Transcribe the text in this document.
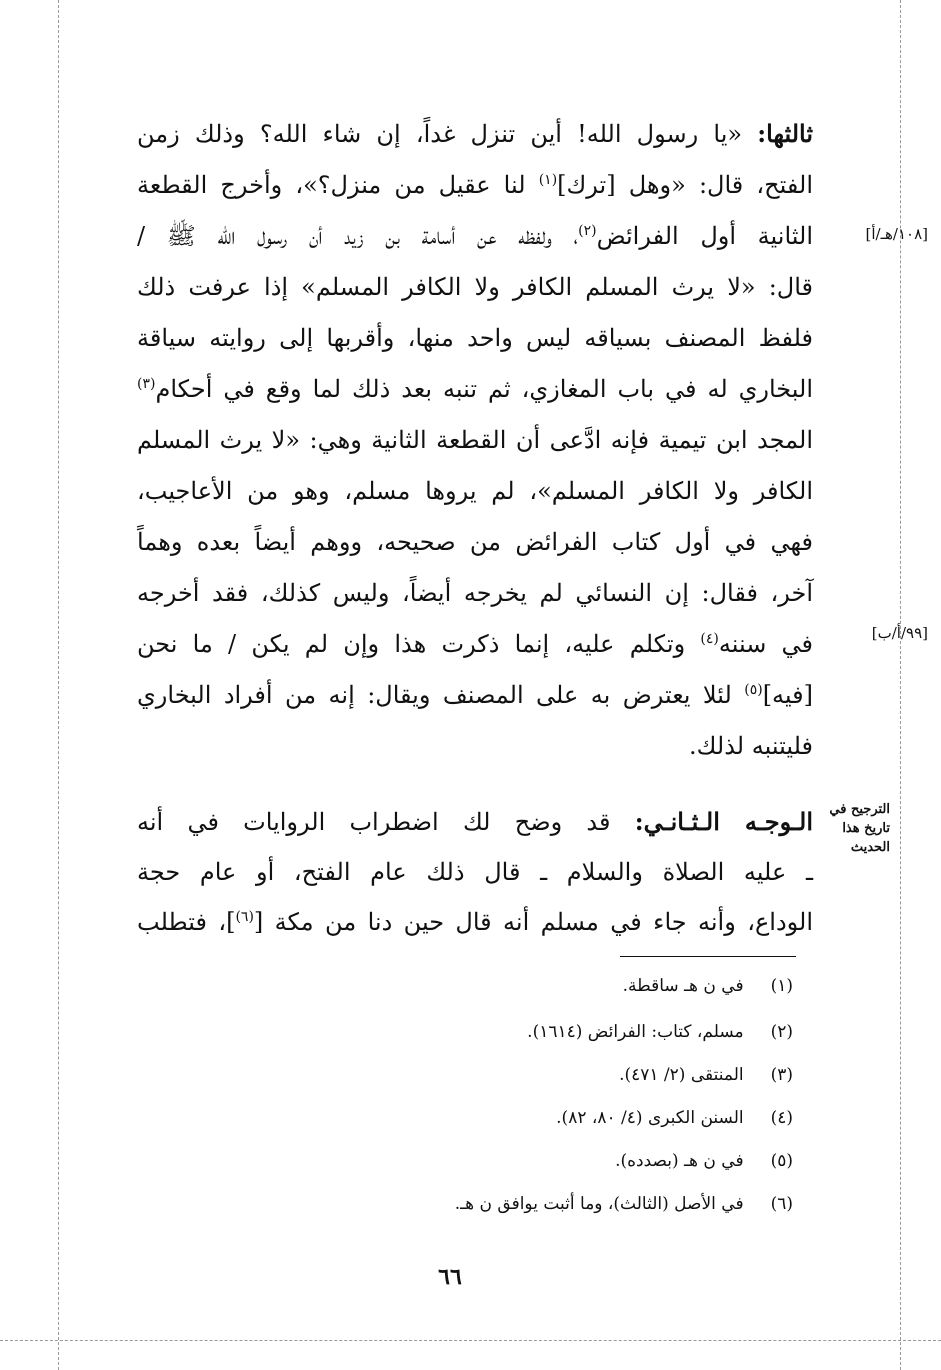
ثالثها: «يا رسول الله! أين تنزل غداً، إن شاء الله؟ وذلك زمن
الفتح، قال: «وهل [ترك]$^{(١)}$ لنا عقيل من منزل؟»، وأخرج القطعة
الثانية أول الفرائض$^{(٢)}$، ولفظه عن أسامة بن زيد أن رسول الله ﷺ /
قال: «لا يرث المسلم الكافر ولا الكافر المسلم» إذا عرفت ذلك
فلفظ المصنف بسياقه ليس واحد منها، وأقربها إلى روايته سياقة
البخاري له في باب المغازي، ثم تنبه بعد ذلك لما وقع في أحكام$^{(٣)}$
المجد ابن تيمية فإنه ادَّعى أن القطعة الثانية وهي: «لا يرث المسلم
الكافر ولا الكافر المسلم»، لم يروها مسلم، وهو من الأعاجيب،
فهي في أول كتاب الفرائض من صحيحه، ووهم أيضاً بعده وهماً
آخر، فقال: إن النسائي لم يخرجه أيضاً، وليس كذلك، فقد أخرجه
في سننه$^{(٤)}$ وتكلم عليه، إنما ذكرت هذا وإن لم يكن / ما نحن
[فيه]$^{(٥)}$ لئلا يعترض به على المصنف ويقال: إنه من أفراد البخاري
فليتنبه لذلك.
الـوجـه الـثـانـي: قد وضح لك اضطراب الروايات في أنه
ـ عليه الصلاة والسلام ـ قال ذلك عام الفتح، أو عام حجة
الوداع، وأنه جاء في مسلم أنه قال حين دنا من مكة [$^{(٦)}$]، فتطلب
[١٠٨/هـ/أ]
[٩٩/أ/ب]
الترجيح في تاريخ هذا الحديث
(١) في ن هـ ساقطة.
(٢) مسلم، كتاب: الفرائض (١٦١٤).
(٣) المنتقى (٢/ ٤٧١).
(٤) السنن الكبرى (٤/ ٨٠، ٨٢).
(٥) في ن هـ (بصدده).
(٦) في الأصل (الثالث)، وما أثبت يوافق ن هـ.
٦٦
